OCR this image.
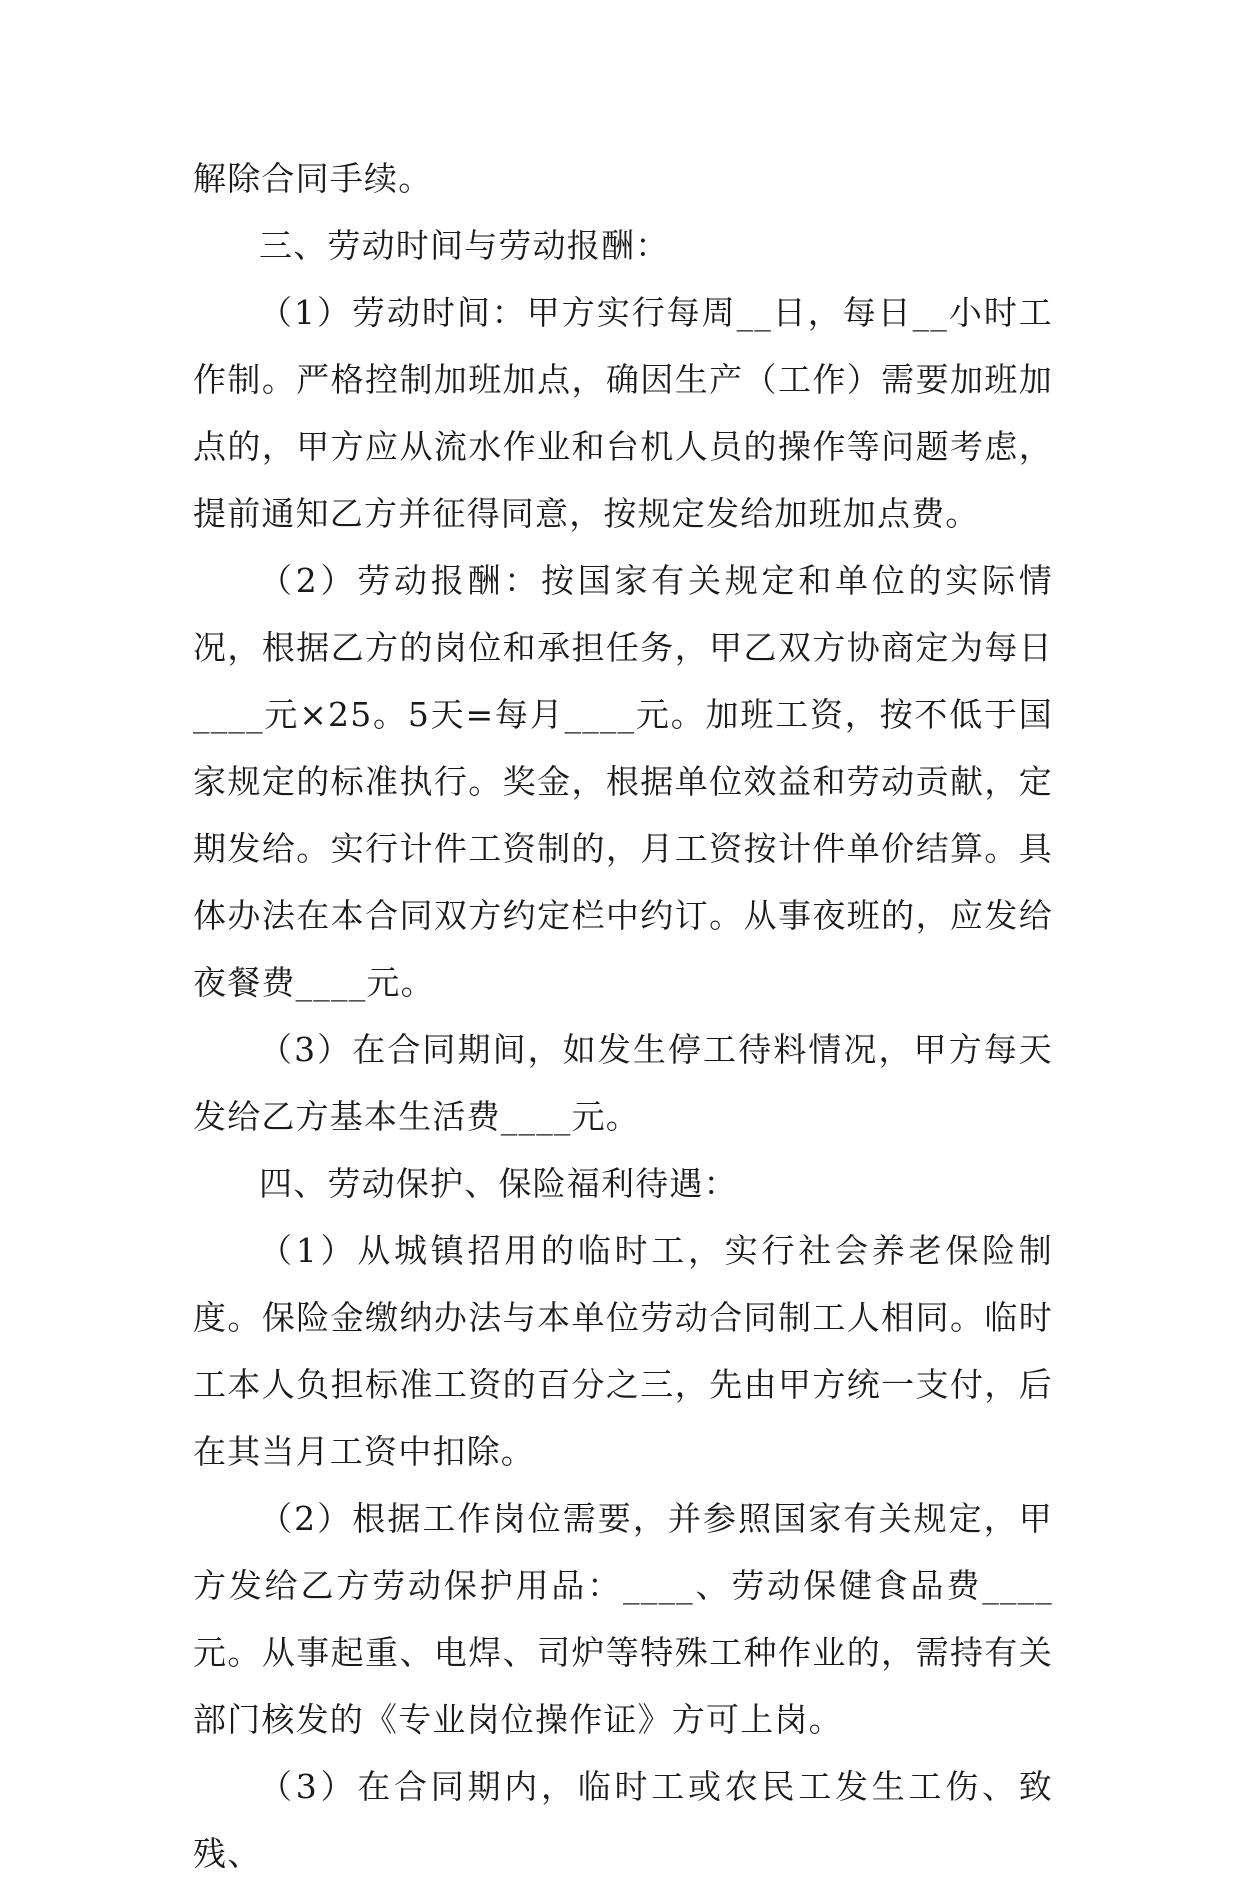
解除合同手续。

三、劳动时间与劳动报酬：

（1）劳动时间：甲方实行每周__日，每日__小时工作制。严格控制加班加点，确因生产（工作）需要加班加点的，甲方应从流水作业和台机人员的操作等问题考虑，提前通知乙方并征得同意，按规定发给加班加点费。

（2）劳动报酬：按国家有关规定和单位的实际情况，根据乙方的岗位和承担任务，甲乙双方协商定为每日____元×25。5天=每月____元。加班工资，按不低于国家规定的标准执行。奖金，根据单位效益和劳动贡献，定期发给。实行计件工资制的，月工资按计件单价结算。具体办法在本合同双方约定栏中约订。从事夜班的，应发给夜餐费____元。

（3）在合同期间，如发生停工待料情况，甲方每天发给乙方基本生活费____元。

四、劳动保护、保险福利待遇：

（1）从城镇招用的临时工，实行社会养老保险制度。保险金缴纳办法与本单位劳动合同制工人相同。临时工本人负担标准工资的百分之三，先由甲方统一支付，后在其当月工资中扣除。

（2）根据工作岗位需要，并参照国家有关规定，甲方发给乙方劳动保护用品：____、劳动保健食品费____元。从事起重、电焊、司炉等特殊工种作业的，需持有关部门核发的《专业岗位操作证》方可上岗。

（3）在合同期内，临时工或农民工发生工伤、致残、
